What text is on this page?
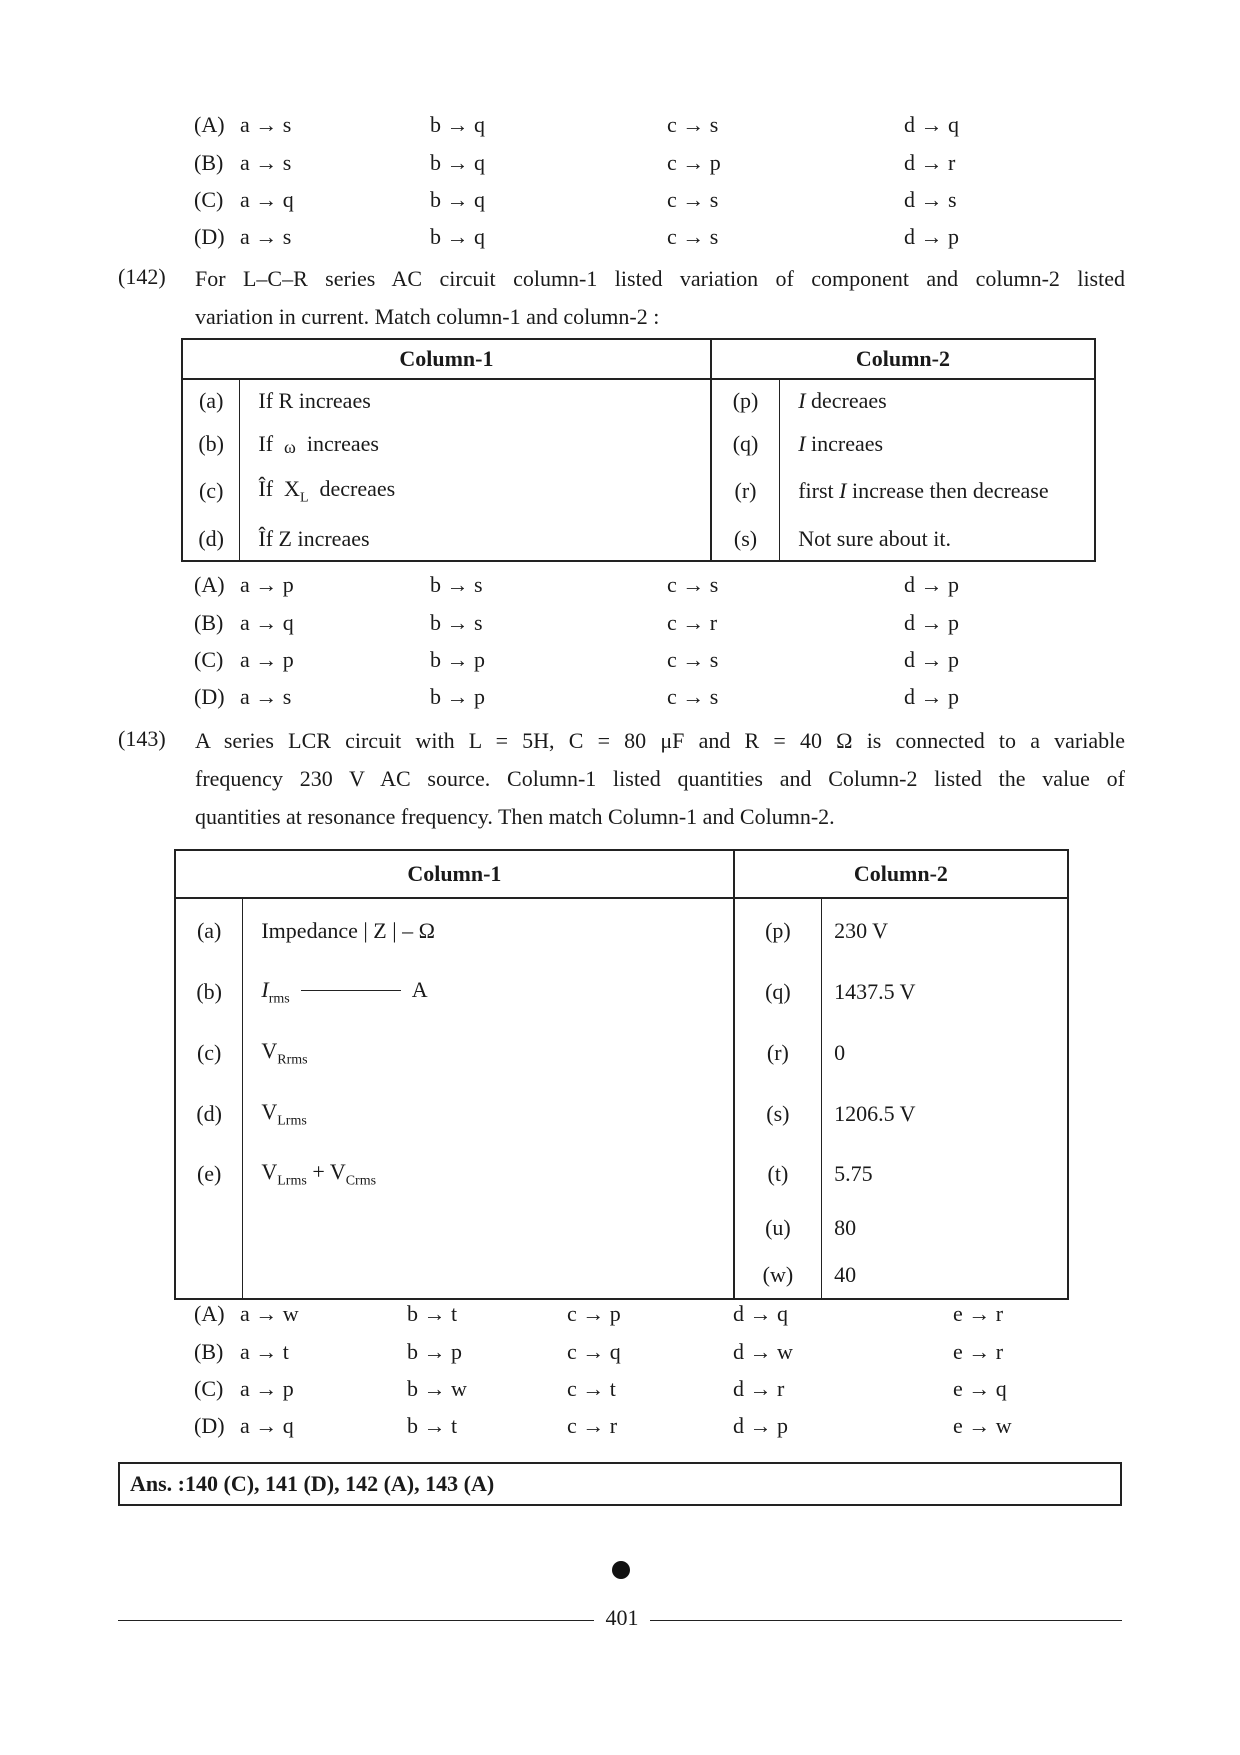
(A) a → s	b → q	c → s	d → q
(B) a → s	b → q	c → p	d → r
(C) a → q	b → q	c → s	d → s
(D) a → s	b → q	c → s	d → p
(142) For L–C–R series AC circuit column-1 listed variation of component and column-2 listed
variation in current. Match column-1 and column-2 :
Column-1		Column-2	
(a)	If R increaes	(p)	I decreaes
(b)	If ω increaes	(q)	I increaes
(c)	Îf $X_L$ decreaes	(r)	first I increase then decrease
(d)	Îf Z increaes	(s)	Not sure about it.
(A) a → p	b → s	c → s	d → p
(B) a → q	b → s	c → r	d → p
(C) a → p	b → p	c → s	d → p
(D) a → s	b → p	c → s	d → p
(143) A series LCR circuit with L = 5H, C = 80 μF and R = 40 Ω is connected to a variable
frequency 230 V AC source. Column-1 listed quantities and Column-2 listed the value of
quantities at resonance frequency. Then match Column-1 and Column-2.
Column-1		Column-2	
(a)	Impedance | Z | – Ω	(p)	230 V
(b)	$I_{rms}$ A	(q)	1437.5 V
(c)	$V_{Rrms}$	(r)	0
(d)	$V_{Lrms}$	(s)	1206.5 V
(e)	$V_{Lrms} + V_{Crms}$	(t)	5.75
		(u)	80
		(w)	40
(A) a → w	b → t	c → p	d → q	e → r
(B) a → t	b → p	c → q	d → w	e → r
(C) a → p	b → w	c → t	d → r	e → q
(D) a → q	b → t	c → r	d → p	e → w
Ans. :140 (C), 141 (D), 142 (A), 143 (A)
401
